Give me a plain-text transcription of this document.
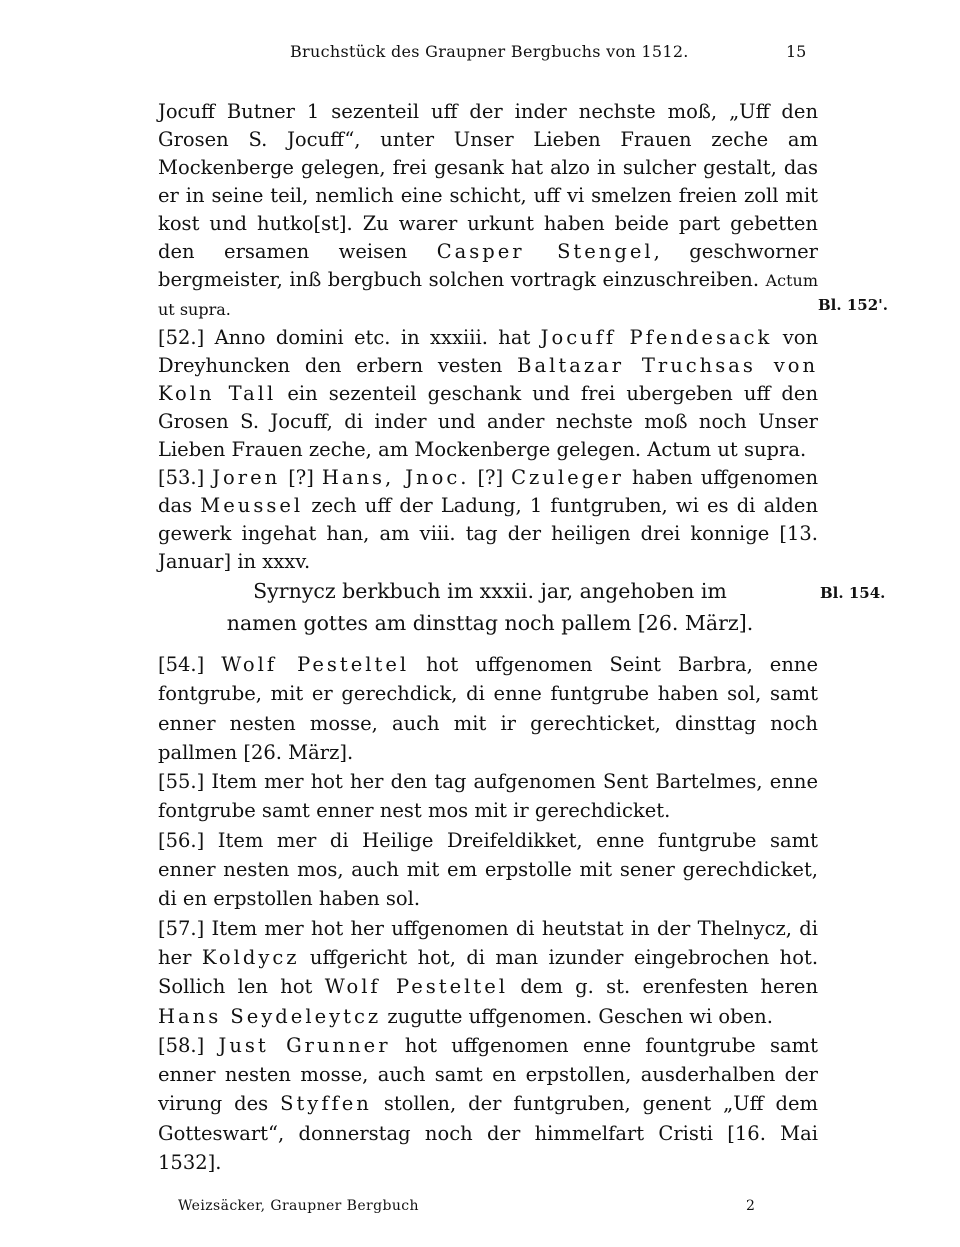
Bruchstück des Graupner Bergbuchs von 1512.	15
Bl. 152'.

Jocuff Butner 1 sezenteil uff der inder nechste moß, „Uff den Grosen S. Jocuff“, unter Unser Lieben Frauen zeche am Mockenberge gelegen, frei gesank hat alzo in sulcher gestalt, das er in seine teil, nemlich eine schicht, uff vi smelzen freien zoll mit kost und hutko[st]. Zu warer urkunt haben beide part gebetten den ersamen weisen Casper Stengel, geschworner bergmeister, inß bergbuch solchen vortragk einzuschreiben. Actum ut supra.

[52.] Anno domini etc. in xxxiii. hat Jocuff Pfendesack von Dreyhuncken den erbern vesten Baltazar Truchsas von Koln Tall ein sezenteil geschank und frei ubergeben uff den Grosen S. Jocuff, di inder und ander nechste moß noch Unser Lieben Frauen zeche, am Mockenberge gelegen. Actum ut supra.

[53.] Joren [?] Hans, Jnoc. [?] Czuleger haben uffgenomen das Meussel zech uff der Ladung, 1 funtgruben, wi es di alden gewerk ingehat han, am viii. tag der heiligen drei konnige [13. Januar] in xxxv.

Syrnycz berkbuch im xxxii. jar, angehoben im
namen gottes am dinsttag noch pallem [26. März].
Bl. 154.

[54.] Wolf Pesteltel hot uffgenomen Seint Barbra, enne fontgrube, mit er gerechdick, di enne funtgrube haben sol, samt enner nesten mosse, auch mit ir gerechticket, dinsttag noch pallmen [26. März].

[55.] Item mer hot her den tag aufgenomen Sent Bartelmes, enne fontgrube samt enner nest mos mit ir gerechdicket.

[56.] Item mer di Heilige Dreifeldikket, enne funtgrube samt enner nesten mos, auch mit em erpstolle mit sener gerechdicket, di en erpstollen haben sol.

[57.] Item mer hot her uffgenomen di heutstat in der Thelnycz, di her Koldycz uffgericht hot, di man izunder eingebrochen hot. Sollich len hot Wolf Pesteltel dem g. st. erenfesten heren Hans Seydeleytcz zugutte uffgenomen. Geschen wi oben.

[58.] Just Grunner hot uffgenomen enne fountgrube samt enner nesten mosse, auch samt en erpstollen, ausderhalben der virung des Styffen stollen, der funtgruben, genent „Uff dem Gotteswart“, donnerstag noch der himmelfart Cristi [16. Mai 1532].

Weizsäcker, Graupner Bergbuch	2
